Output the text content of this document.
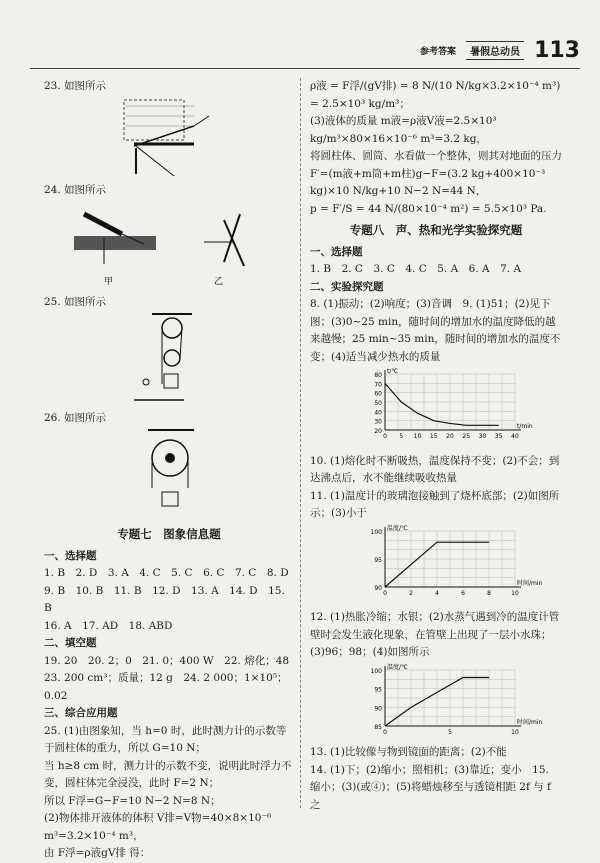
参考答案	暑假总动员 113

23. 如图所示

24. 如图所示

甲	乙

25. 如图所示

26. 如图所示

专题七　图象信息题

一、选择题

1. B　2. D　3. A　4. C　5. C　6. C　7. C　8. D

9. B　10. B　11. B　12. D　13. A　14. D　15. B

16. A　17. AD　18. ABD

二、填空题

19. 20　20. 2；0　21. 0；400 W　22. 熔化；48

23. 200 cm³；质量；12 g　24. 2 000；1×10⁵；0.02

三、综合应用题

25. (1)由图象知，当 h=0 时，此时测力计的示数等于圆柱体的重力，所以 G=10 N；

当 h≥8 cm 时，测力计的示数不变，说明此时浮力不变，圆柱体完全浸没，此时 F=2 N；

所以 F浮=G−F=10 N−2 N=8 N；

(2)物体排开液体的体积 V排=V物=40×8×10⁻⁶ m³=3.2×10⁻⁴ m³，

由 F浮=ρ液gV排 得：

ρ液 = F浮/(gV排) = 8 N/(10 N/kg×3.2×10⁻⁴ m³) = 2.5×10³ kg/m³；

(3)液体的质量 m液=ρ液V液=2.5×10³ kg/m³×80×16×10⁻⁶ m³=3.2 kg，

将圆柱体、圆筒、水看做一个整体，则其对地面的压力 F′=(m液+m筒+m柱)g−F=(3.2 kg+400×10⁻³ kg)×10 N/kg+10 N−2 N=44 N，

p = F′/S = 44 N/(80×10⁻⁴ m²) = 5.5×10³ Pa.

专题八　声、热和光学实验探究题

一、选择题

1. B　2. C　3. C　4. C　5. A　6. A　7. A

二、实验探究题

8. (1)振动；(2)响度；(3)音调　9. (1)51；(2)见下图；(3)0~25 min，随时间的增加水的温度降低的越来越慢；25 min~35 min，随时间的增加水的温度不变；(4)适当减少热水的质量

20
30
40
50
60
70
80
0 5 10 15 20 25 30 35 40
t/℃
t/min

10. (1)熔化时不断吸热，温度保持不变；(2)不会；到达沸点后，水不能继续吸收热量

11. (1)温度计的玻璃泡接触到了烧杯底部；(2)如图所示；(3)小于

90
95
100
0	2	4	6	8	10
温度/℃
时间/min

12. (1)热胀冷缩；水银；(2)水蒸气遇到冷的温度计管壁时会发生液化现象，在管壁上出现了一层小水珠；(3)96；98；(4)如图所示

85
90
95
100
0	5	10
温度/℃
时间/min

13. (1)比较像与物到镜面的距离；(2)不能

14. (1)下；(2)缩小；照相机；(3)靠近；变小　15. 缩小；(3)(或④)；(5)将蜡烛移至与透镜相距 2f 与 f 之
